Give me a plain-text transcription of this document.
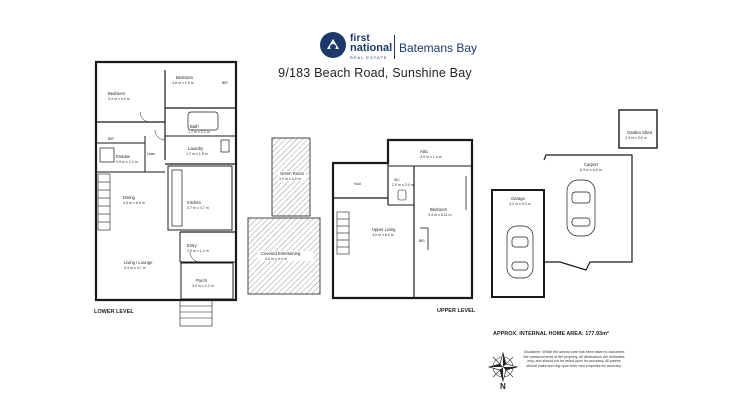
first
national
REAL ESTATE
Batemans Bay
9/183 Beach Road, Sunshine Bay
Bedroom
3.3 m x 4.0 m
Bedroom
4.8 m x 2.9 m
BIR
BIR
Bath
1.7 m x 2.1 m
Laundry
1.7 m x 1.5 m
Ensuite
0.9 m x 2.1 m
Linen
Dining
4.5 m x 5.8 m	Kitchen
3.7 m x 4.7 m
Entry
2.9 m x 1.2 m
Living / Lounge
5.3 m x 4.7 m
Porch
3.0 m x 2.2 m
LOWER LEVEL
Green Room
3.0 m x 4.8 m
Covered Entertaining
4.0 m x 4.4 m
Attic
4.9 m x 1.4 m
Void
WC
2.0 m x 2.0 m
Bedroom
3.4 m x 8.11 m
Upper Living
4.0 m x 8.0 m
BIR
UPPER LEVEL
Garage
3.2 m x 5.4 m
Carport
6.3 m x 6.5 m
Garden Shed
2.4 m x 3.0 m
N
APPROX. INTERNAL HOME AREA: 177.93m²
Disclaimer: Whilst the utmost care has been taken to document the measurements of the property, all dimensions are estimates only, and should not be relied upon for accuracy. All parties should make and rely upon their own enquiries for accuracy.
